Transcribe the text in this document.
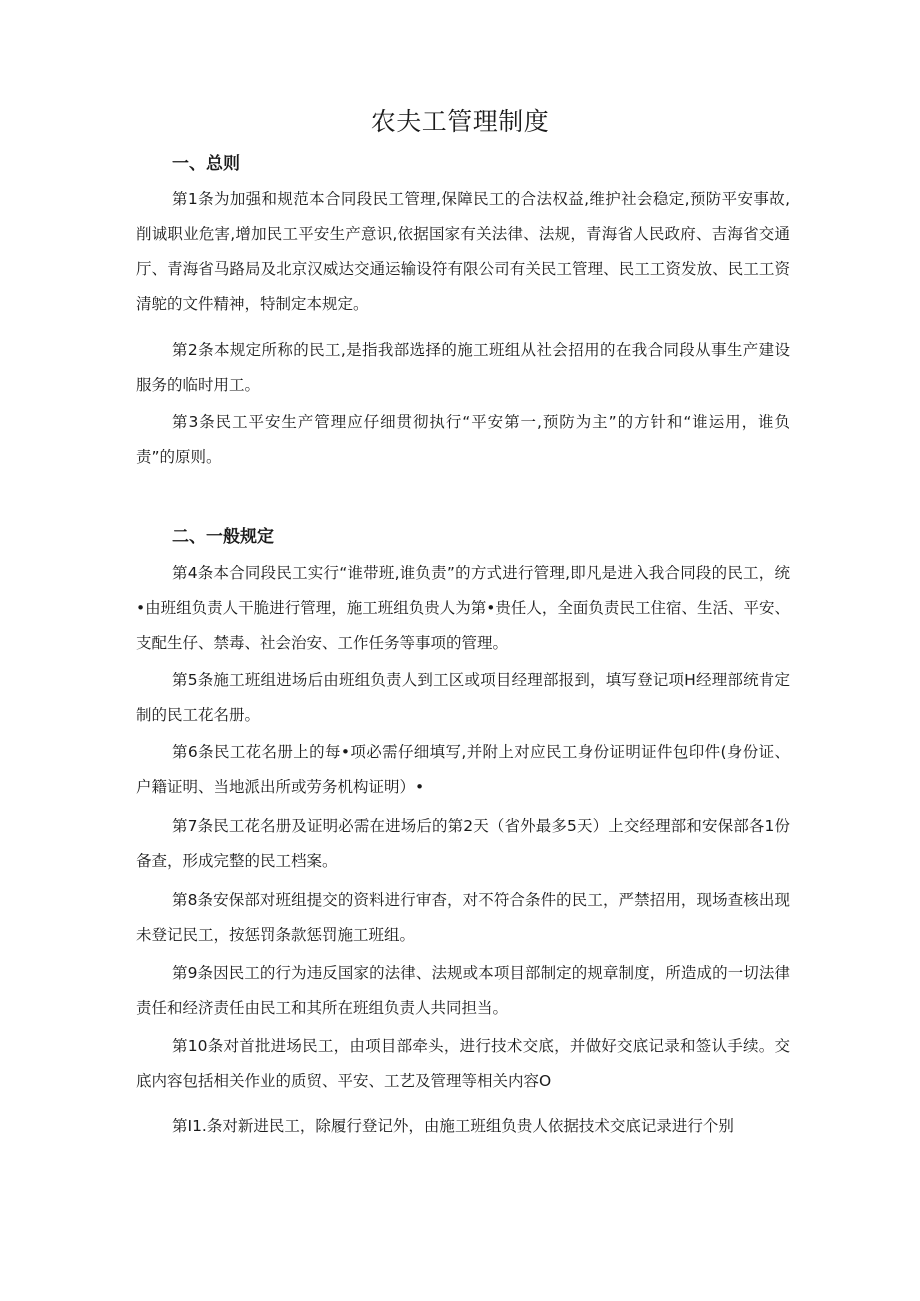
农夫工管理制度
一、总则

第1条为加强和规范本合同段民工管理,保障民工的合法权益,维护社会稳定,预防平安事故,削诚职业危害,增加民工平安生产意识,依据国家有关法律、法规，青海省人民政府、吉海省交通厅、青海省马路局及北京汉威达交通运输设符有限公司有关民工管理、民工工资发放、民工工资清鸵的文件精神，特制定本规定。

第2条本规定所称的民工,是指我部选择的施工班组从社会招用的在我合同段从事生产建设服务的临时用工。

第3条民工平安生产管理应仔细贯彻执行“平安第一,预防为主”的方针和“谁运用，谁负责”的原则。

二、一般规定

第4条本合同段民工实行“谁带班,谁负责”的方式进行管理,即凡是进入我合同段的民工，统•由班组负责人干脆进行管理，施工班组负贵人为第•贵任人，全面负责民工住宿、生活、平安、支配生仔、禁毒、社会治安、工作任务等事项的管理。

第5条施工班组进场后由班组负责人到工区或项目经理部报到，填写登记项H经理部统肯定制的民工花名册。

第6条民工花名册上的每•项必需仔细填写,并附上对应民工身份证明证件包印件(身份证、户籍证明、当地派出所或劳务机构证明）•

第7条民工花名册及证明必需在进场后的第2天（省外最多5天）上交经理部和安保部各1份备查，形成完整的民工档案。

第8条安保部对班组提交的资料进行审杳，对不符合条件的民工，严禁招用，现场查核出现未登记民工，按惩罚条款惩罚施工班组。

第9条因民工的行为违反国家的法律、法规或本项目部制定的规章制度，所造成的一切法律责任和经济责任由民工和其所在班组负责人共同担当。

第10条对首批进场民工，由项目部牵头，进行技术交底，并做好交底记录和签认手续。交底内容包括相关作业的质贸、平安、工艺及管理等相关内容O

第I1.条对新进民工，除履行登记外，由施工班组负贵人依据技术交底记录进行个别
